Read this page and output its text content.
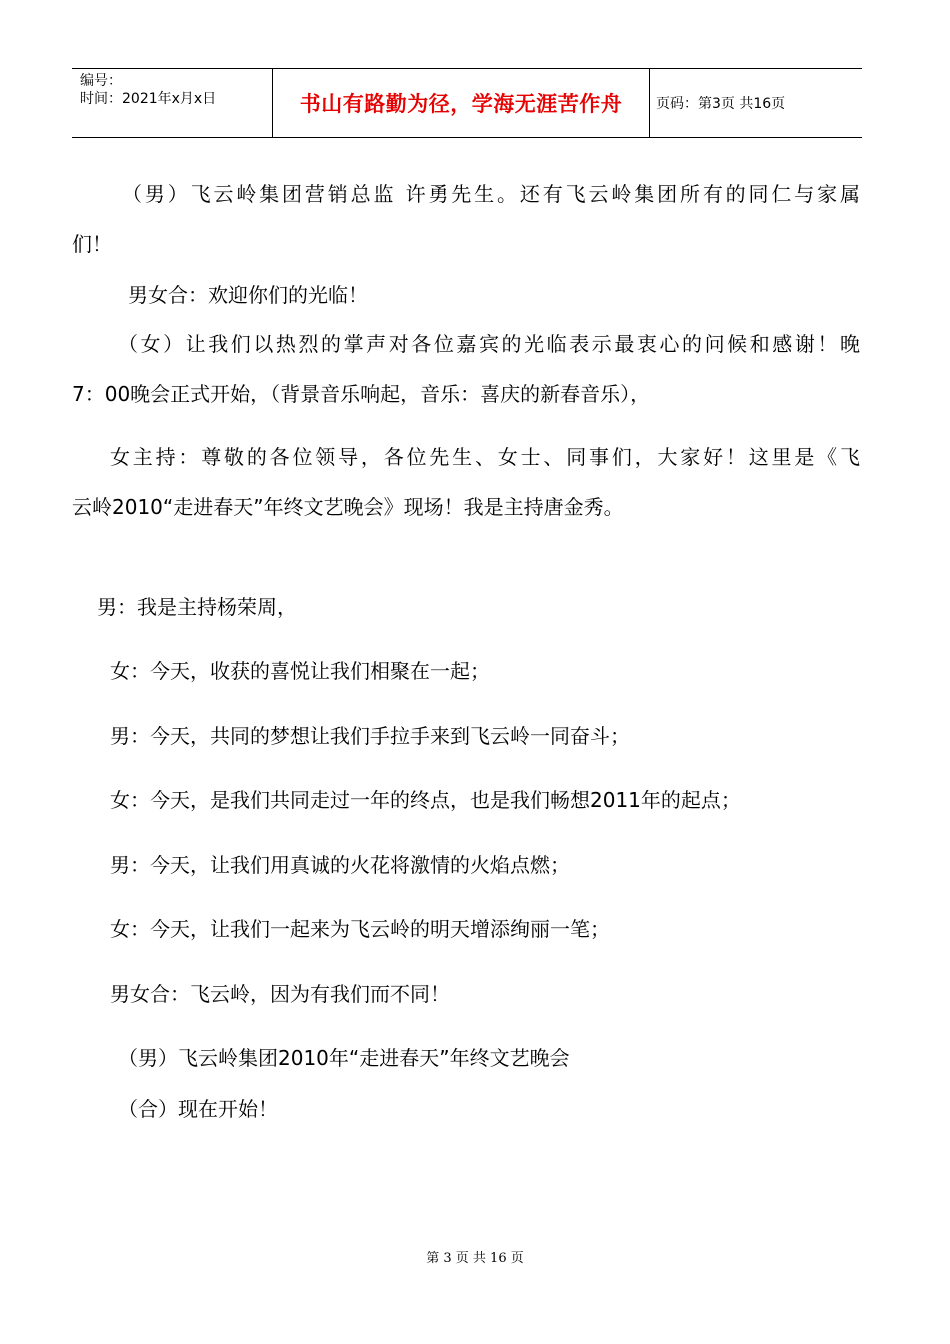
编号：
时间：2021年x月x日	书山有路勤为径，学海无涯苦作舟	页码：第3页 共16页
（男）飞云岭集团营销总监 许勇先生。还有飞云岭集团所有的同仁与家属
们！
男女合：欢迎你们的光临！
（女）让我们以热烈的掌声对各位嘉宾的光临表示最衷心的问候和感谢！晚
7：00晚会正式开始，（背景音乐响起，音乐：喜庆的新春音乐），
女主持：尊敬的各位领导，各位先生、女士、同事们，大家好！这里是《飞
云岭2010“走进春天”年终文艺晚会》现场！我是主持唐金秀。
男：我是主持杨荣周，
女：今天，收获的喜悦让我们相聚在一起；
男：今天，共同的梦想让我们手拉手来到飞云岭一同奋斗；
女：今天，是我们共同走过一年的终点，也是我们畅想2011年的起点；
男：今天，让我们用真诚的火花将激情的火焰点燃；
女：今天，让我们一起来为飞云岭的明天增添绚丽一笔；
男女合：飞云岭，因为有我们而不同！
（男）飞云岭集团2010年“走进春天”年终文艺晚会
（合）现在开始！
第 3 页 共 16 页
